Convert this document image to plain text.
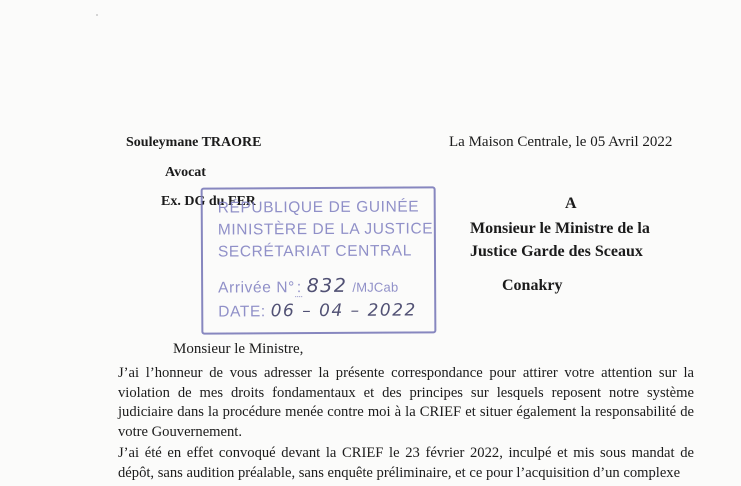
Souleymane TRAORE
Avocat
Ex. DG du FER
La Maison Centrale, le 05 Avril 2022
A
Monsieur le Ministre de la
Justice Garde des Sceaux
Conakry
RÉPUBLIQUE DE GUINÉE
MINISTÈRE DE LA JUSTICE
SECRÉTARIAT CENTRAL
Arrivée N° : 832 /MJCab
DATE: 06 – 04 – 2022
Monsieur le Ministre,
J’ai l’honneur de vous adresser la présente correspondance pour attirer votre attention sur la violation de mes droits fondamentaux et des principes sur lesquels reposent notre système judiciaire dans la procédure menée contre moi à la CRIEF et situer également la responsabilité de votre Gouvernement.
J’ai été en effet convoqué devant la CRIEF le 23 février 2022, inculpé et mis sous mandat de dépôt, sans audition préalable, sans enquête préliminaire, et ce pour l’acquisition d’un complexe
